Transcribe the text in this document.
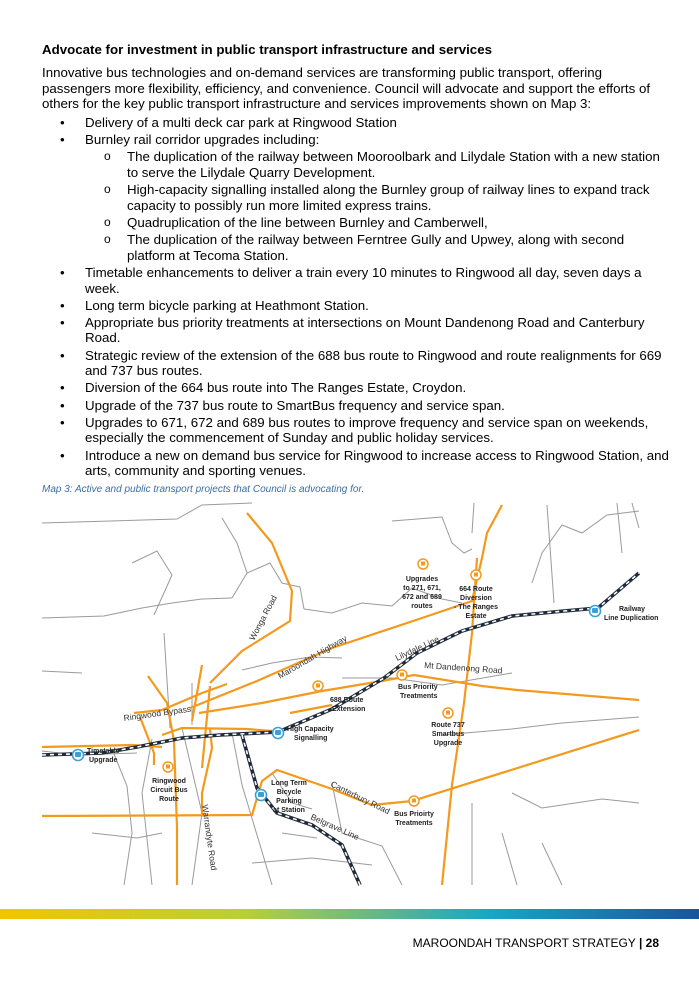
Advocate for investment in public transport infrastructure and services
Innovative bus technologies and on-demand services are transforming public transport, offering passengers more flexibility, efficiency, and convenience. Council will advocate and support the efforts of others for the key public transport infrastructure and services improvements shown on Map 3:
• Delivery of a multi deck car park at Ringwood Station
• Burnley rail corridor upgrades including:
o The duplication of the railway between Mooroolbark and Lilydale Station with a new station to serve the Lilydale Quarry Development.
o High-capacity signalling installed along the Burnley group of railway lines to expand track capacity to possibly run more limited express trains.
o Quadruplication of the line between Burnley and Camberwell,
o The duplication of the railway between Ferntree Gully and Upwey, along with second platform at Tecoma Station.
• Timetable enhancements to deliver a train every 10 minutes to Ringwood all day, seven days a week.
• Long term bicycle parking at Heathmont Station.
• Appropriate bus priority treatments at intersections on Mount Dandenong Road and Canterbury Road.
• Strategic review of the extension of the 688 bus route to Ringwood and route realignments for 669 and 737 bus routes.
• Diversion of the 664 bus route into The Ranges Estate, Croydon.
• Upgrade of the 737 bus route to SmartBus frequency and service span.
• Upgrades to 671, 672 and 689 bus routes to improve frequency and service span on weekends, especially the commencement of Sunday and public holiday services.
• Introduce a new on demand bus service for Ringwood to increase access to Ringwood Station, and arts, community and sporting venues.
Map 3: Active and public transport projects that Council is advocating for.
Wonga Road
Maroondah Highway
Ringwood Bypass
Warrandyte Road
Mt Dandenong Road
Canterbury Road
Lilydale Line
Belgrave Line
Upgrades
to 271, 671,
672 and 689
routes
664 Route
Diversion
- The Ranges
Estate
Railway
Line Duplication
Bus Priority
Treatments
688 Route
Extension
High Capacity
Signalling
Route 737
Smartbus
Upgrade
Timetable
Upgrade
Ringwood
Circuit Bus
Route
Long Term
Bicycle
Parking
at Station
Bus Prioirty
Treatments
MAROONDAH TRANSPORT STRATEGY | 28
